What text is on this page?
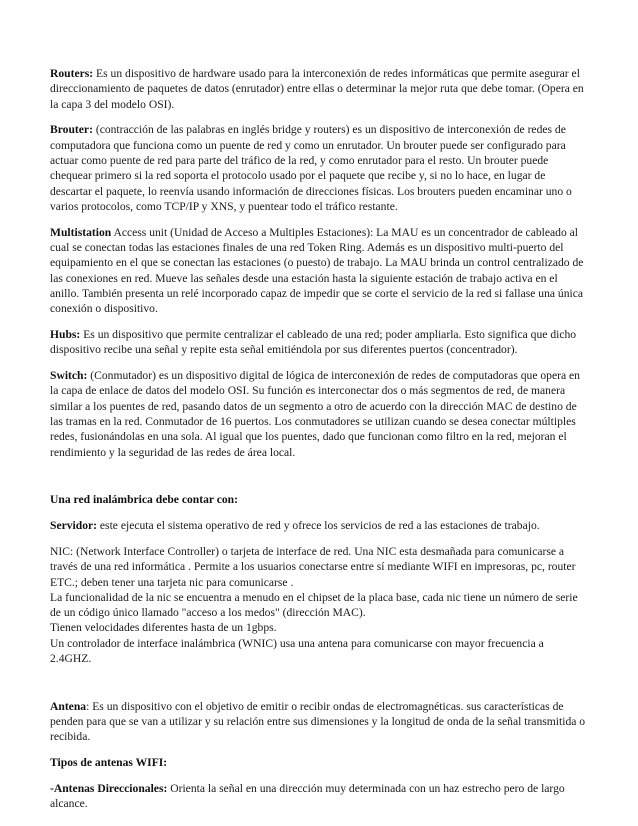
Routers: Es un dispositivo de hardware usado para la interconexión de redes informáticas que permite asegurar el direccionamiento de paquetes de datos (enrutador) entre ellas o determinar la mejor ruta que debe tomar. (Opera en la capa 3 del modelo OSI).

Brouter: (contracción de las palabras en inglés bridge y routers) es un dispositivo de interconexión de redes de computadora que funciona como un puente de red y como un enrutador. Un brouter puede ser configurado para actuar como puente de red para parte del tráfico de la red, y como enrutador para el resto. Un brouter puede chequear primero si la red soporta el protocolo usado por el paquete que recibe y, si no lo hace, en lugar de descartar el paquete, lo reenvía usando información de direcciones físicas. Los brouters pueden encaminar uno o varios protocolos, como TCP/IP y XNS, y puentear todo el tráfico restante.

Multistation Access unit (Unidad de Acceso a Multiples Estaciones): La MAU es un concentrador de cableado al cual se conectan todas las estaciones finales de una red Token Ring. Además es un dispositivo multi-puerto del equipamiento en el que se conectan las estaciones (o puesto) de trabajo. La MAU brinda un control centralizado de las conexiones en red. Mueve las señales desde una estación hasta la siguiente estación de trabajo activa en el anillo. También presenta un relé incorporado capaz de impedir que se corte el servicio de la red si fallase una única conexión o dispositivo.

Hubs: Es un dispositivo que permite centralizar el cableado de una red; poder ampliarla. Esto significa que dicho dispositivo recibe una señal y repite esta señal emitiéndola por sus diferentes puertos (concentrador).

Switch: (Conmutador) es un dispositivo digital de lógica de interconexión de redes de computadoras que opera en la capa de enlace de datos del modelo OSI. Su función es interconectar dos o más segmentos de red, de manera similar a los puentes de red, pasando datos de un segmento a otro de acuerdo con la dirección MAC de destino de las tramas en la red. Conmutador de 16 puertos. Los conmutadores se utilizan cuando se desea conectar múltiples redes, fusionándolas en una sola. Al igual que los puentes, dado que funcionan como filtro en la red, mejoran el rendimiento y la seguridad de las redes de área local.

Una red inalámbrica debe contar con:

Servidor: este ejecuta el sistema operativo de red y ofrece los servicios de red a las estaciones de trabajo.

NIC: (Network Interface Controller) o tarjeta de interface de red. Una NIC esta desmañada para comunicarse a través de una red informática . Permite a los usuarios conectarse entre sí mediante WIFI en impresoras, pc, router ETC.; deben tener una tarjeta nic para comunicarse .
La funcionalidad de la nic se encuentra a menudo en el chipset de la placa base, cada nic tiene un número de serie de un código único llamado "acceso a los medos" (dirección MAC).
Tienen velocidades diferentes hasta de un 1gbps.
Un controlador de interface inalámbrica (WNIC) usa una antena para comunicarse con mayor frecuencia a 2.4GHZ.

Antena: Es un dispositivo con el objetivo de emitir o recibir ondas de electromagnéticas. sus características de penden para que se van a utilizar y su relación entre sus dimensiones y la longitud de onda de la señal transmitida o recibida.

Tipos de antenas WIFI:

-Antenas Direccionales: Orienta la señal en una dirección muy determinada con un haz estrecho pero de largo alcance.
